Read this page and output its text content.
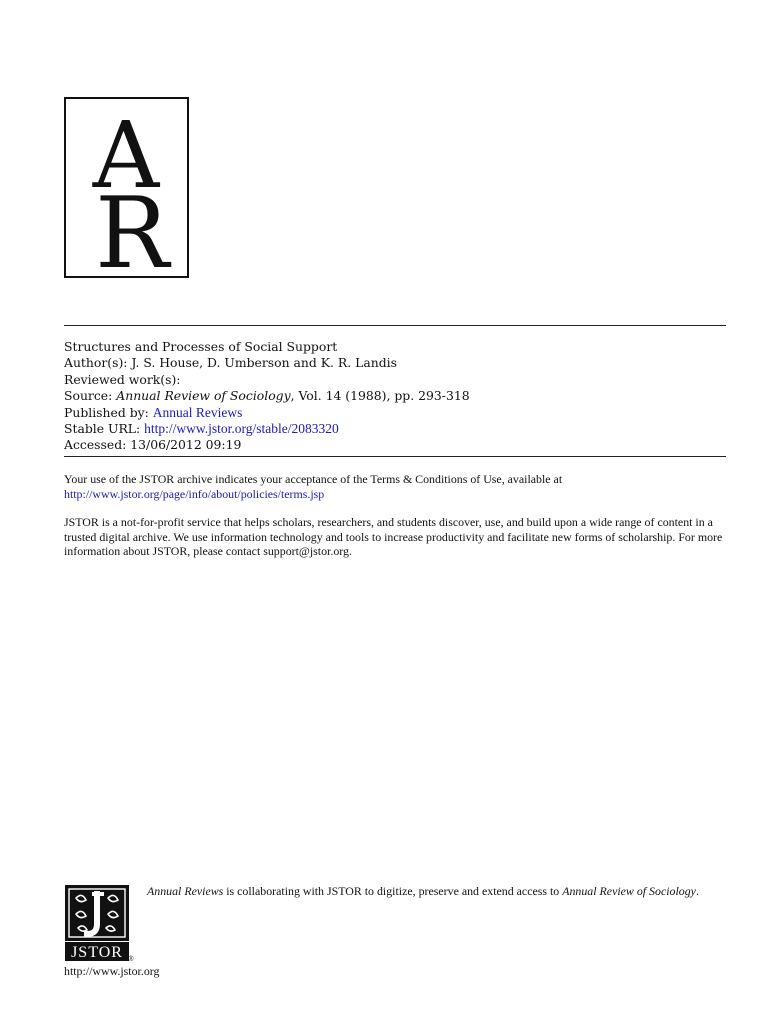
A
R
Structures and Processes of Social Support
Author(s): J. S. House, D. Umberson and K. R. Landis
Reviewed work(s):
Source: Annual Review of Sociology, Vol. 14 (1988), pp. 293-318
Published by: Annual Reviews
Stable URL: http://www.jstor.org/stable/2083320
Accessed: 13/06/2012 09:19
Your use of the JSTOR archive indicates your acceptance of the Terms & Conditions of Use, available at
http://www.jstor.org/page/info/about/policies/terms.jsp
JSTOR is a not-for-profit service that helps scholars, researchers, and students discover, use, and build upon a wide range of content in a trusted digital archive. We use information technology and tools to increase productivity and facilitate new forms of scholarship. For more information about JSTOR, please contact support@jstor.org.
JSTOR ®
Annual Reviews is collaborating with JSTOR to digitize, preserve and extend access to Annual Review of Sociology.
http://www.jstor.org
